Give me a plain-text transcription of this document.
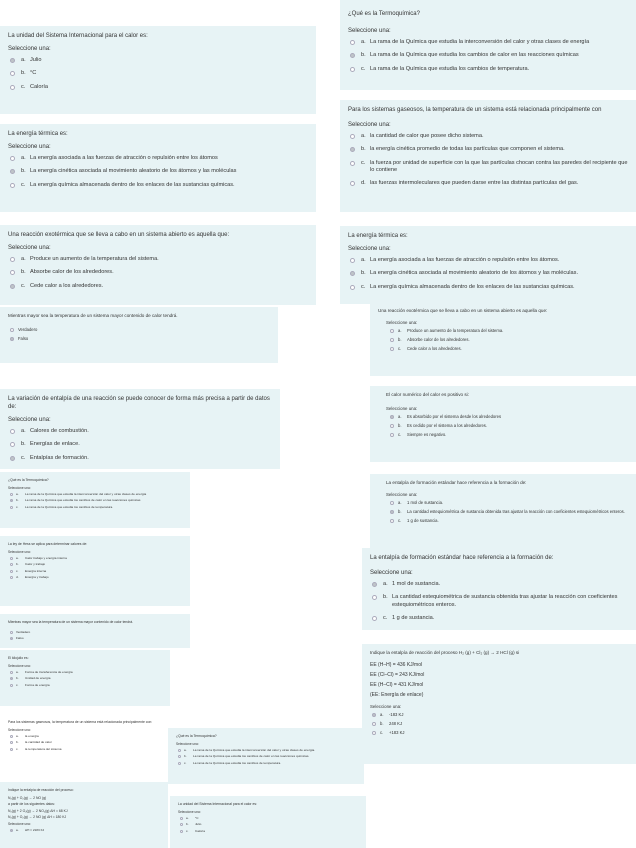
La unidad del Sistema Internacional para el calor es:
Seleccione una:
a. Julio
b. °C
c. Caloría
La energía térmica es:
Seleccione una:
a. La energía asociada a las fuerzas de atracción o repulsión entre los átomos
b. La energía cinética asociada al movimiento aleatorio de los átomos y las moléculas
c. La energía química almacenada dentro de los enlaces de las sustancias químicas.
Una reacción exotérmica que se lleva a cabo en un sistema abierto es aquella que:
Seleccione una:
a. Produce un aumento de la temperatura del sistema.
b. Absorbe calor de los alrededores.
c. Cede calor a los alrededores.
Mientras mayor sea la temperatura de un sistema mayor contenido de calor tendrá.
Verdadero
Falso
La variación de entalpía de una reacción se puede conocer de forma más precisa a partir de datos de:
Seleccione una:
a. Calores de combustión.
b. Energías de enlace.
c. Entalpías de formación.
¿Qué es la Termoquímica?
Seleccione una:
a. La rama de la Química que estudia la interconversión del calor y otras clases de energía
b. La rama de la Química que estudia los cambios de calor en las reacciones químicas
c. La rama de la Química que estudia los cambios de temperatura.
Para los sistemas gaseosos, la temperatura de un sistema está relacionada principalmente con
Seleccione una:
a. la cantidad de calor que posee dicho sistema.
b. la energía cinética promedio de todas las partículas que componen el sistema.
c. la fuerza por unidad de superficie con la que las partículas chocan contra las paredes del recipiente que lo contiene
d. las fuerzas intermoleculares que pueden darse entre las distintas partículas del gas.
La energía térmica es:
Seleccione una:
a. La energía asociada a las fuerzas de atracción o repulsión entre los átomos.
b. La energía cinética asociada al movimiento aleatorio de los átomos y las moléculas.
c. La energía química almacenada dentro de los enlaces de las sustancias químicas.
Una reacción exotérmica que se lleva a cabo en un sistema abierto es aquella que:
Seleccione una:
a.	Produce un aumento de la temperatura del sistema.
b.	Absorbe calor de los alrededores.
c.	Cede calor a los alrededores.
El calor numérico del calor es positivo si:
Seleccione una:
a.	Es absorbido por el sistema desde los alrededores
b.	Es cedido por el sistema a los alrededores.
c.	Siempre es negativo.
La entalpía de formación estándar hace referencia a la formación de:
Seleccione una:
a.	1 mol de sustancia.
b.	La cantidad estequiométrica de sustancia obtenida tras ajustar la reacción con coeficientes estequiométricos enteros.
c.	1 g de sustancia.
La entalpía de formación estándar hace referencia a la formación de:
Seleccione una:
a. 1 mol de sustancia.
b. La cantidad estequiométrica de sustancia obtenida tras ajustar la reacción con coeficientes estequiométricos enteros.
c. 1 g de sustancia.
Indique la entalpía de reacción del proceso H₂ (g) + Cl₂ (g) → 2 HCl (g) si
EE (H–H) = 436 KJ/mol
EE (Cl–Cl) = 243 KJ/mol
EE (H–Cl) = 431 KJ/mol
(EE: Energía de enlace)
Seleccione una:
a.	-183 KJ
b.	248 KJ
c.	+183 KJ
¿Qué es la Termoquímica?
Seleccione una:
a.	La rama de la Química que estudia la interconversión del calor y otras clases de energía
b.	La rama de la Química que estudia los cambios de calor en las reacciones químicas
c.	La rama de la Química que estudia los cambios de temperatura.
La ley de Hess se aplica para determinar calores de:
Seleccione una:
a.	Calor trabajo y energía interna
b.	Calor y trabajo
c.	Energía interna
d.	Energía y trabajo
Mientras mayor sea la temperatura de un sistema mayor contenido de calor tendrá.
Verdadero
Falso
El kilojulio es:
Seleccione una:
a.	Forma de transferencia de energía
b.	Unidad de energía
c.	Forma de energía
Para los sistemas gaseosos, la temperatura de un sistema está relacionada principalmente con:
Seleccione una:
a.	la energía
b.	la cantidad de calor
c.	la temperatura del sistema
¿Qué es la Termoquímica?
Seleccione una:
a.	La rama de la Química que estudia la interconversión del calor y otras clases de energía.
b.	La rama de la Química que estudia los cambios de calor en las reacciones químicas.
c.	La rama de la Química que estudia los cambios de temperatura.
Indique la entalpía de reacción del proceso:
N₂(g) + O₂(g) → 2 NO (g)
a partir de los siguientes datos:
N₂(g) + 2 O₂(g) → 2 NO₂(g) ΔH = 68 KJ
N₂(g) + O₂(g) → 2 NO (g) ΔH = 180 KJ
Seleccione una:
a.	ΔH = 2183 KJ
La unidad del Sistema Internacional para el calor es:
Seleccione una:
a.	°C
b.	Julio
c.	Caloría
